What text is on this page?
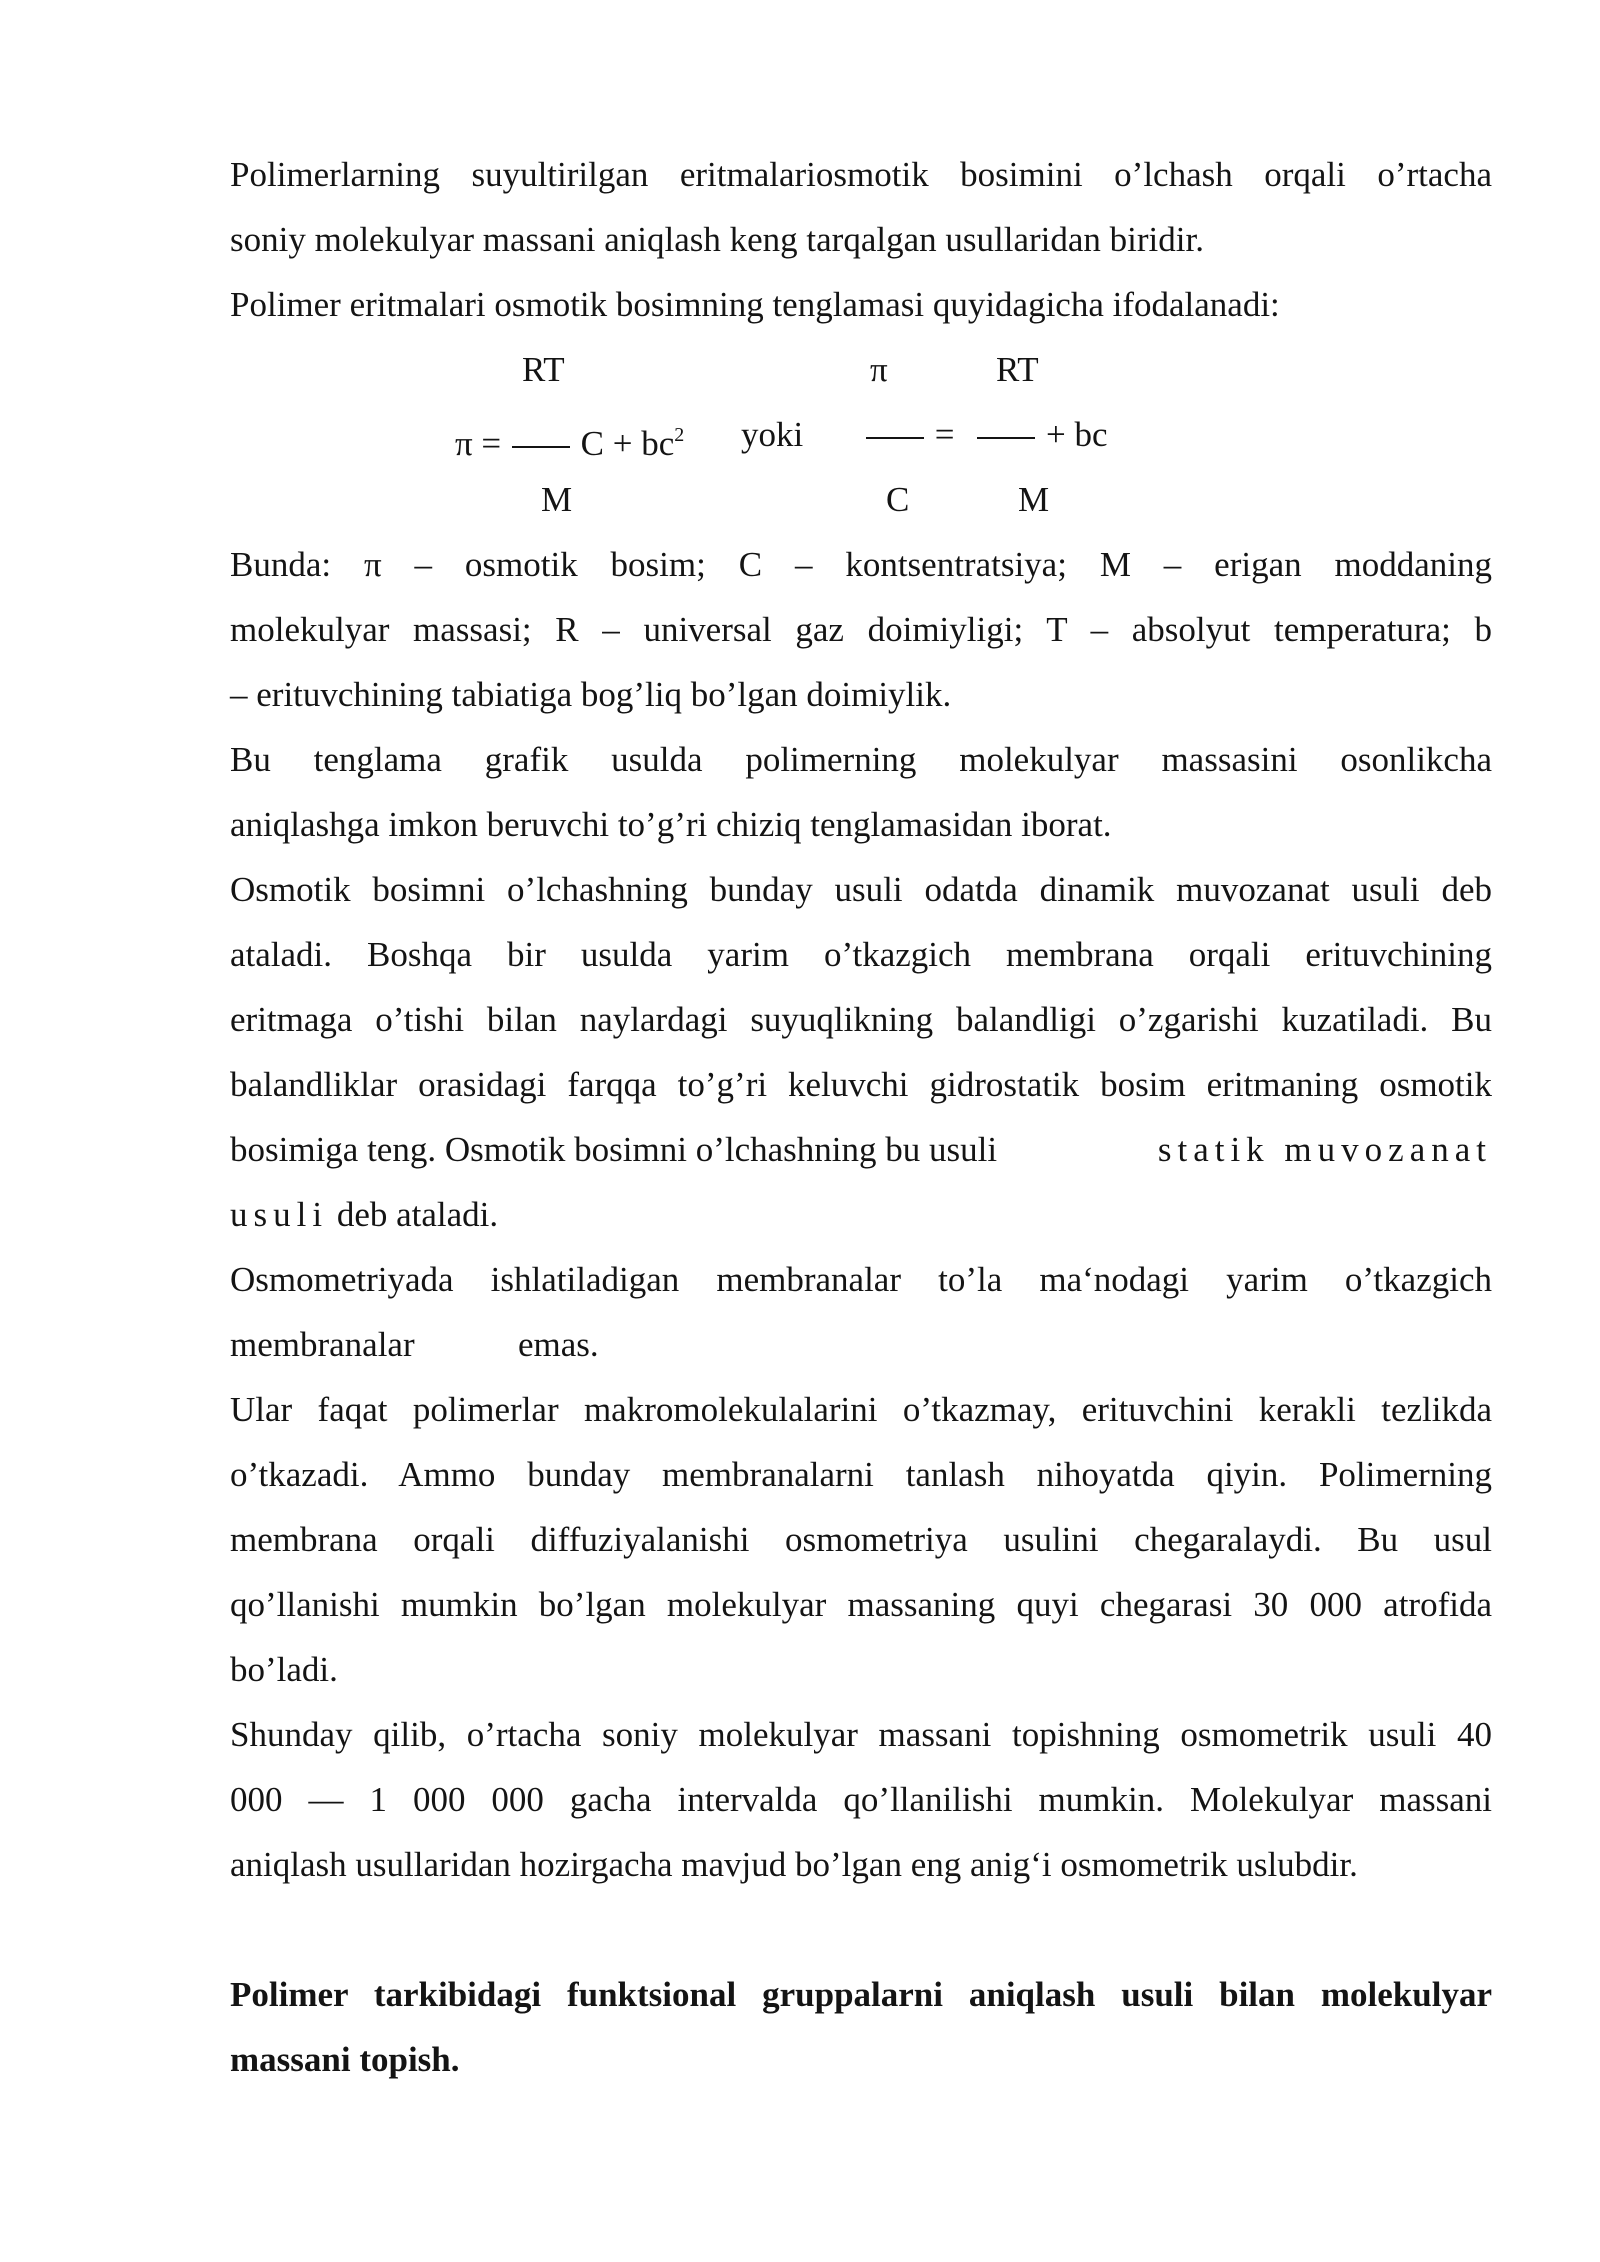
Polimerlarning suyultirilgan eritmalariosmotik bosimini o’lchash orqali o’rtacha
soniy molekulyar massani aniqlash keng tarqalgan usullaridan biridir.
Polimer eritmalari osmotik bosimning tenglamasi quyidagicha ifodalanadi:
RT	π	RT
$\pi = C + bc^2$ yoki	=	+ bc
M	C	M
Bunda: π – osmotik bosim; C – kontsentratsiya; M – erigan moddaning
molekulyar massasi; R – universal gaz doimiyligi; T – absolyut temperatura; b
– erituvchining tabiatiga bog’liq bo’lgan doimiylik.
Bu tenglama grafik usulda polimerning molekulyar massasini osonlikcha
aniqlashga imkon beruvchi to’g’ri chiziq tenglamasidan iborat.
Osmotik bosimni o’lchashning bunday usuli odatda dinamik muvozanat usuli deb
ataladi. Boshqa bir usulda yarim o’tkazgich membrana orqali erituvchining
eritmaga o’tishi bilan naylardagi suyuqlikning balandligi o’zgarishi kuzatiladi. Bu
balandliklar orasidagi farqqa to’g’ri keluvchi gidrostatik bosim eritmaning osmotik
bosimiga teng. Osmotik bosimni o’lchashning bu usuli	statik muvozanat
usuli deb ataladi.
Osmometriyada ishlatiladigan membranalar to’la ma‘nodagi yarim o’tkazgich
membranalar	emas.
Ular faqat polimerlar makromolekulalarini o’tkazmay, erituvchini kerakli tezlikda
o’tkazadi. Ammo bunday membranalarni tanlash nihoyatda qiyin. Polimerning
membrana orqali diffuziyalanishi osmometriya usulini chegaralaydi. Bu usul
qo’llanishi mumkin bo’lgan molekulyar massaning quyi chegarasi 30 000 atrofida
bo’ladi.
Shunday qilib, o’rtacha soniy molekulyar massani topishning osmometrik usuli 40
000 — 1 000 000 gacha intervalda qo’llanilishi mumkin. Molekulyar massani
aniqlash usullaridan hozirgacha mavjud bo’lgan eng anig‘i osmometrik uslubdir.
Polimer tarkibidagi funktsional gruppalarni aniqlash usuli bilan molekulyar
massani topish.
